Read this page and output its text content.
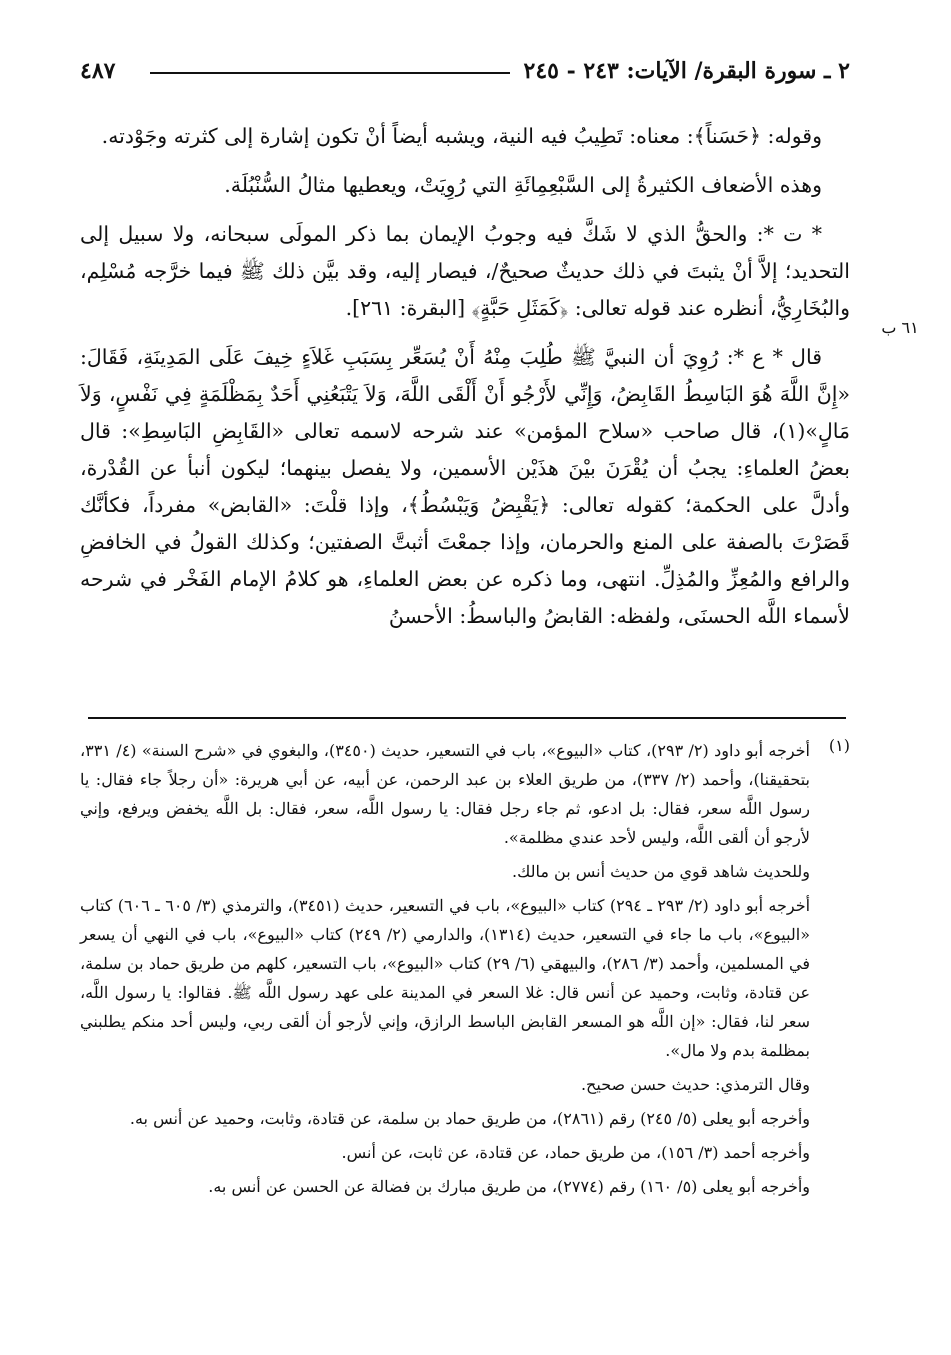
٢ ـ سورة البقرة/ الآيات: ٢٤٣ - ٢٤٥
٤٨٧

وقوله: ﴿حَسَناً﴾: معناه: تَطِيبُ فيه النية، ويشبه أيضاً أنْ تكون إشارة إلى كثرته وجَوْدته.

وهذه الأضعاف الكثيرةُ إلى السَّبْعِمِائَةِ التي رُوِيَتْ، ويعطيها مثالُ السُّنْبُلَة.

* ت *: والحقُّ الذي لا شَكَّ فيه وجوبُ الإيمان بما ذكر المولَى سبحانه، ولا سبيل إلى التحديد؛ إلاَّ أنْ يثبتَ في ذلك حديثٌ صحيحٌ/، فيصار إليه، وقد بيَّن ذلك ﷺ فيما خرَّجه مُسْلِم، والبُخَارِيُّ، أنظره عند قوله تعالى: ﴿كَمَثَلِ حَبَّةٍ﴾ [البقرة: ٢٦١].

قال * ع *: رُوِيَ أن النبيَّ ﷺ طُلِبَ مِنْهُ أَنْ يُسَعِّر بِسَبَبِ غَلاَءٍ خِيفَ عَلَى المَدِينَةِ، فَقَالَ: «إِنَّ اللَّهَ هُوَ البَاسِطُ القَابِضُ، وَإِنِّي لأَرْجُو أَنْ أَلْقَى اللَّهَ، وَلاَ يَتْبَعُنِي أَحَدٌ بِمَظْلَمَةٍ فِي نَفْسٍ، وَلاَ مَالٍ»(١)، قال صاحب «سلاح المؤمن» عند شرحه لاسمه تعالى «القَابِضِ البَاسِطِ»: قال بعضُ العلماءِ: يجبُ أن يُقْرَنَ بيْنَ هذَيْن الأسمين، ولا يفصل بينهما؛ ليكون أنبأ عن القُدْرة، وأدلَّ على الحكمة؛ كقوله تعالى: ﴿يَقْبِضُ وَيَبْسُطُ﴾، وإذا قلْتَ: «القابض» مفرداً، فكأنَّك قَصَرْتَ بالصفة على المنع والحرمان، وإذا جمعْتَ أثبتَّ الصفتين؛ وكذلك القولُ في الخافضِ والرافع والمُعِزِّ والمُذِلِّ. انتهى، وما ذكره عن بعض العلماءِ، هو كلامُ الإمام الفَخْر في شرحه لأسماء اللَّه الحسنَى، ولفظه: القابضُ والباسطُ: الأحسنُ

٦١ ب
(١)

أخرجه أبو داود (٢/ ٢٩٣)، كتاب «البيوع»، باب في التسعير، حديث (٣٤٥٠)، والبغوي في «شرح السنة» (٤/ ٣٣١، بتحقيقنا)، وأحمد (٢/ ٣٣٧)، من طريق العلاء بن عبد الرحمن، عن أبيه، عن أبي هريرة: «أن رجلاً جاء فقال: يا رسول اللَّه سعر، فقال: بل ادعو، ثم جاء رجل فقال: يا رسول اللَّه، سعر، فقال: بل اللَّه يخفض ويرفع، وإني لأرجو أن ألقى اللَّه، وليس لأحد عندي مظلمة».

وللحديث شاهد قوي من حديث أنس بن مالك.

أخرجه أبو داود (٢/ ٢٩٣ ـ ٢٩٤) كتاب «البيوع»، باب في التسعير، حديث (٣٤٥١)، والترمذي (٣/ ٦٠٥ ـ ٦٠٦) كتاب «البيوع»، باب ما جاء في التسعير، حديث (١٣١٤)، والدارمي (٢/ ٢٤٩) كتاب «البيوع»، باب في النهي أن يسعر في المسلمين، وأحمد (٣/ ٢٨٦)، والبيهقي (٦/ ٢٩) كتاب «البيوع»، باب التسعير، كلهم من طريق حماد بن سلمة، عن قتادة، وثابت، وحميد عن أنس قال: غلا السعر في المدينة على عهد رسول اللَّه ﷺ. فقالوا: يا رسول اللَّه، سعر لنا، فقال: «إن اللَّه هو المسعر القابض الباسط الرازق، وإني لأرجو أن ألقى ربي، وليس أحد منكم يطلبني بمظلمة بدم ولا مال».

وقال الترمذي: حديث حسن صحيح.

وأخرجه أبو يعلى (٥/ ٢٤٥) رقم (٢٨٦١)، من طريق حماد بن سلمة، عن قتادة، وثابت، وحميد عن أنس به.

وأخرجه أحمد (٣/ ١٥٦)، من طريق حماد، عن قتادة، عن ثابت، عن أنس.

وأخرجه أبو يعلى (٥/ ١٦٠) رقم (٢٧٧٤)، من طريق مبارك بن فضالة عن الحسن عن أنس به.
